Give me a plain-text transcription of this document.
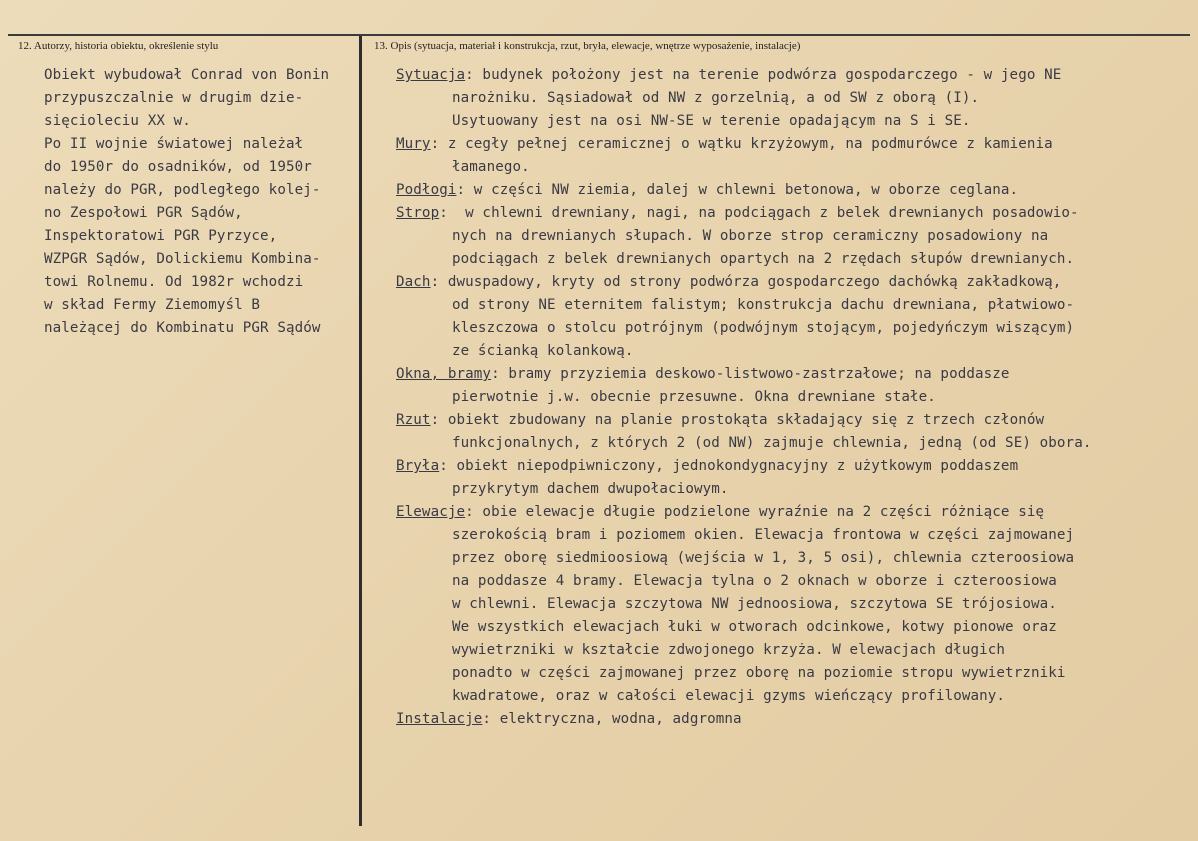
12. Autorzy, historia obiektu, określenie stylu	13. Opis (sytuacja, materiał i konstrukcja, rzut, bryła, elewacje, wnętrze wyposażenie, instalacje)
Obiekt wybudował Conrad von Bonin
przypuszczalnie w drugim dzie-
sięcioleciu XX w.
Po II wojnie światowej należał
do 1950r do osadników, od 1950r
należy do PGR, podległego kolej-
no Zespołowi PGR Sądów,
Inspektoratowi PGR Pyrzyce,
WZPGR Sądów, Dolickiemu Kombina-
towi Rolnemu. Od 1982r wchodzi
w skład Fermy Ziemomyśl B
należącej do Kombinatu PGR Sądów
Sytuacja: budynek położony jest na terenie podwórza gospodarczego - w jego NE
narożniku. Sąsiadował od NW z gorzelnią, a od SW z oborą (I).
Usytuowany jest na osi NW-SE w terenie opadającym na S i SE.
Mury: z cegły pełnej ceramicznej o wątku krzyżowym, na podmurówce z kamienia
łamanego.
Podłogi: w części NW ziemia, dalej w chlewni betonowa, w oborze ceglana.
Strop:  w chlewni drewniany, nagi, na podciągach z belek drewnianych posadowio-
nych na drewnianych słupach. W oborze strop ceramiczny posadowiony na
podciągach z belek drewnianych opartych na 2 rzędach słupów drewnianych.
Dach: dwuspadowy, kryty od strony podwórza gospodarczego dachówką zakładkową,
od strony NE eternitem falistym; konstrukcja dachu drewniana, płatwiowo-
kleszczowa o stolcu potrójnym (podwójnym stojącym, pojedyńczym wiszącym)
ze ścianką kolankową.
Okna, bramy: bramy przyziemia deskowo-listwowo-zastrzałowe; na poddasze
pierwotnie j.w. obecnie przesuwne. Okna drewniane stałe.
Rzut: obiekt zbudowany na planie prostokąta składający się z trzech członów
funkcjonalnych, z których 2 (od NW) zajmuje chlewnia, jedną (od SE) obora.
Bryła: obiekt niepodpiwniczony, jednokondygnacyjny z użytkowym poddaszem
przykrytym dachem dwupołaciowym.
Elewacje: obie elewacje długie podzielone wyraźnie na 2 części różniące się
szerokością bram i poziomem okien. Elewacja frontowa w części zajmowanej
przez oborę siedmioosiową (wejścia w 1, 3, 5 osi), chlewnia czteroosiowa
na poddasze 4 bramy. Elewacja tylna o 2 oknach w oborze i czteroosiowa
w chlewni. Elewacja szczytowa NW jednoosiowa, szczytowa SE trójosiowa.
We wszystkich elewacjach łuki w otworach odcinkowe, kotwy pionowe oraz
wywietrzniki w kształcie zdwojonego krzyża. W elewacjach długich
ponadto w części zajmowanej przez oborę na poziomie stropu wywietrzniki
kwadratowe, oraz w całości elewacji gzyms wieńczący profilowany.
Instalacje: elektryczna, wodna, adgromna
